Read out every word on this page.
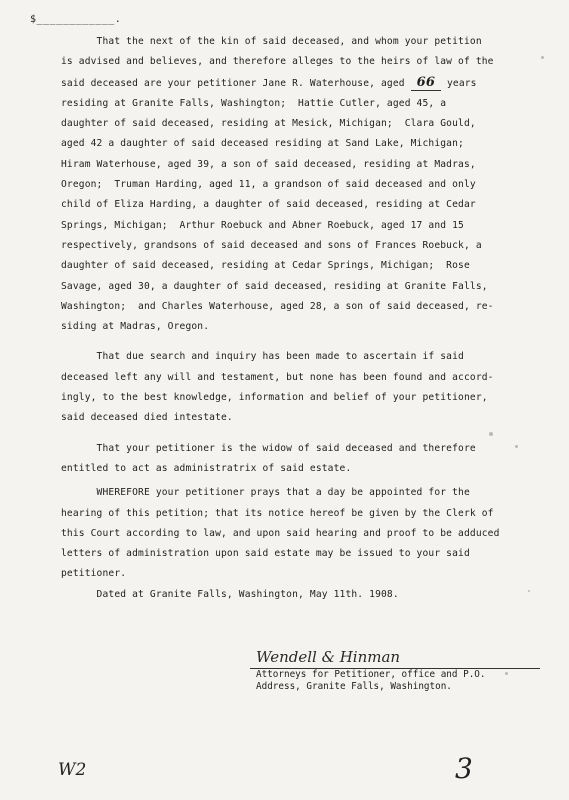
$____________.
That the next of the kin of said deceased, and whom your petition
is advised and believes, and therefore alleges to the heirs of law of the
said deceased are your petitioner Jane R. Waterhouse, aged 66 years
residing at Granite Falls, Washington;  Hattie Cutler, aged 45, a
daughter of said deceased, residing at Mesick, Michigan;  Clara Gould,
aged 42 a daughter of said deceased residing at Sand Lake, Michigan;
Hiram Waterhouse, aged 39, a son of said deceased, residing at Madras,
Oregon;  Truman Harding, aged 11, a grandson of said deceased and only
child of Eliza Harding, a daughter of said deceased, residing at Cedar
Springs, Michigan;  Arthur Roebuck and Abner Roebuck, aged 17 and 15
respectively, grandsons of said deceased and sons of Frances Roebuck, a
daughter of said deceased, residing at Cedar Springs, Michigan;  Rose
Savage, aged 30, a daughter of said deceased, residing at Granite Falls,
Washington;  and Charles Waterhouse, aged 28, a son of said deceased, re-
siding at Madras, Oregon.
That due search and inquiry has been made to ascertain if said
deceased left any will and testament, but none has been found and accord-
ingly, to the best knowledge, information and belief of your petitioner,
said deceased died intestate.
That your petitioner is the widow of said deceased and therefore
entitled to act as administratrix of said estate.
WHEREFORE your petitioner prays that a day be appointed for the
hearing of this petition; that its notice hereof be given by the Clerk of
this Court according to law, and upon said hearing and proof to be adduced
letters of administration upon said estate may be issued to your said
petitioner.
Dated at Granite Falls, Washington, May 11th. 1908.
Wendell & Hinman
Attorneys for Petitioner, office and P.O.
Address, Granite Falls, Washington.
W2	3
